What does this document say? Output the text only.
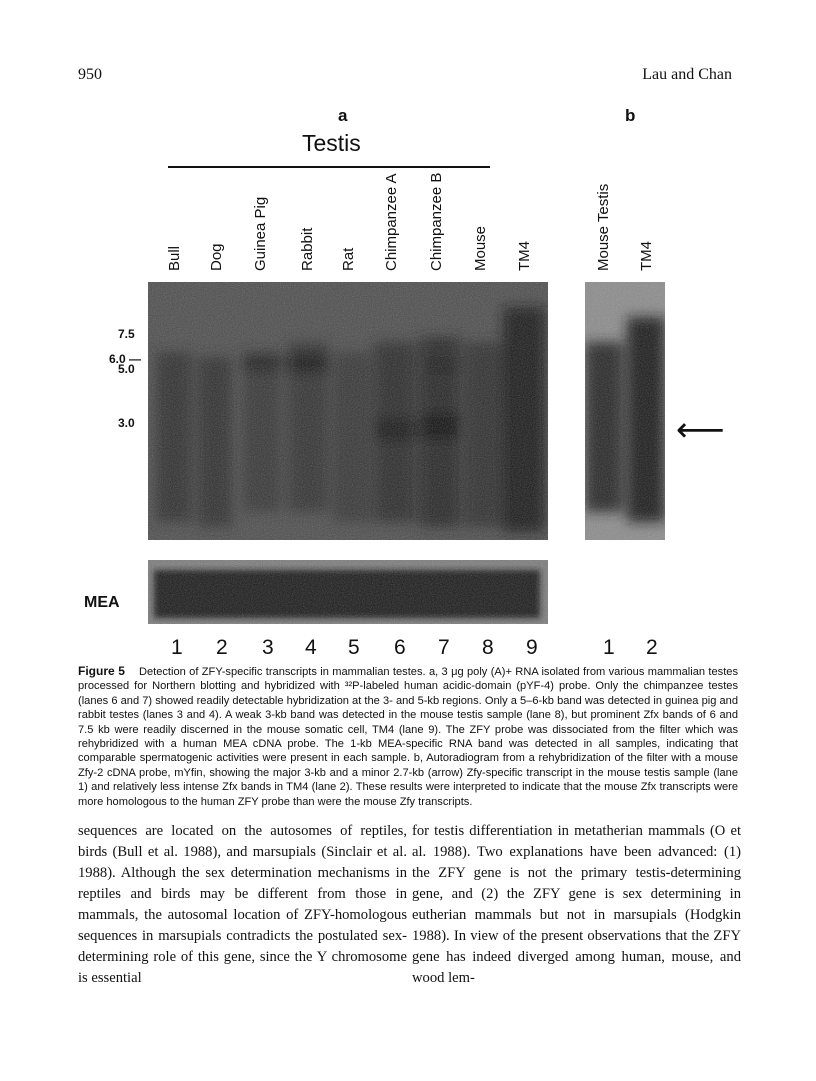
950	Lau and Chan
a	b
Testis
Bull Dog Guinea Pig Rabbit Rat Chimpanzee A Chimpanzee B Mouse TM4	Mouse Testis TM4
7.5
6.0 —
5.0
3.0	⟵
MEA
1 2 3 4 5 6 7 8 9	1 2
Figure 5 Detection of ZFY-specific transcripts in mammalian testes. a, 3 μg poly (A)+ RNA isolated from various mammalian testes processed for Northern blotting and hybridized with ³²P-labeled human acidic-domain (pYF-4) probe. Only the chimpanzee testes (lanes 6 and 7) showed readily detectable hybridization at the 3- and 5-kb regions. Only a 5–6-kb band was detected in guinea pig and rabbit testes (lanes 3 and 4). A weak 3-kb band was detected in the mouse testis sample (lane 8), but prominent Zfx bands of 6 and 7.5 kb were readily discerned in the mouse somatic cell, TM4 (lane 9). The ZFY probe was dissociated from the filter which was rehybridized with a human MEA cDNA probe. The 1-kb MEA-specific RNA band was detected in all samples, indicating that comparable spermatogenic activities were present in each sample. b, Autoradiogram from a rehybridization of the filter with a mouse Zfy-2 cDNA probe, mYfin, showing the major 3-kb and a minor 2.7-kb (arrow) Zfy-specific transcript in the mouse testis sample (lane 1) and relatively less intense Zfx bands in TM4 (lane 2). These results were interpreted to indicate that the mouse Zfx transcripts were more homologous to the human ZFY probe than were the mouse Zfy transcripts.
sequences are located on the autosomes of reptiles, birds (Bull et al. 1988), and marsupials (Sinclair et al. 1988). Although the sex determination mechanisms in reptiles and birds may be different from those in mammals, the autosomal location of ZFY-homologous sequences in marsupials contradicts the postulated sex-determining role of this gene, since the Y chromosome is essential
for testis differentiation in metatherian mammals (O et al. 1988). Two explanations have been advanced: (1) the ZFY gene is not the primary testis-determining gene, and (2) the ZFY gene is sex determining in eutherian mammals but not in marsupials (Hodgkin 1988). In view of the present observations that the ZFY gene has indeed diverged among human, mouse, and wood lem-
